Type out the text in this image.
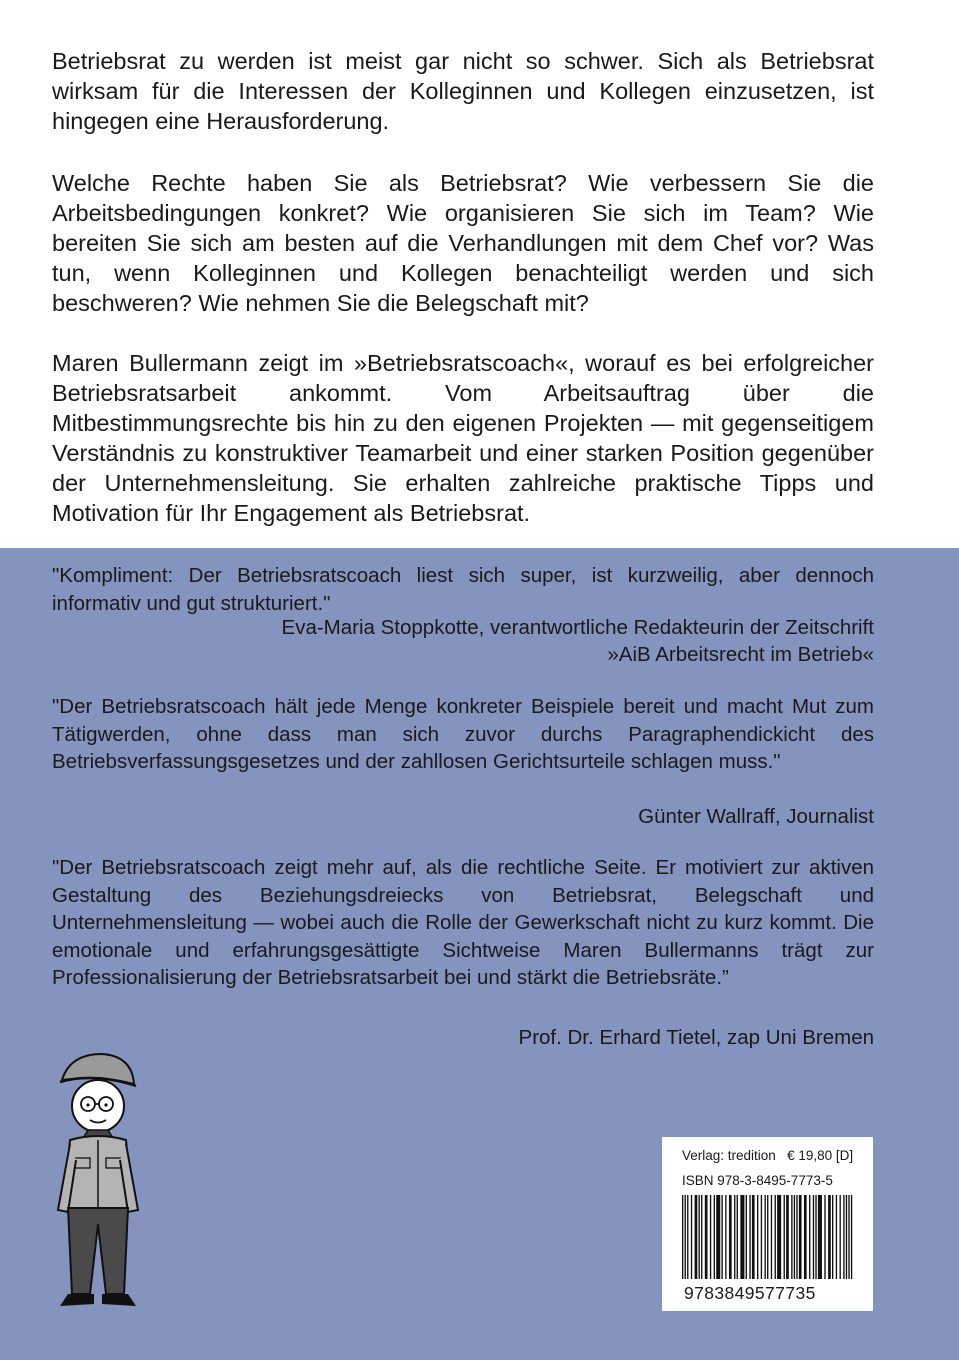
Betriebsrat zu werden ist meist gar nicht so schwer. Sich als Betriebsrat wirksam für die Interessen der Kolleginnen und Kollegen einzusetzen, ist hingegen eine Herausforderung.

Welche Rechte haben Sie als Betriebsrat? Wie verbessern Sie die Arbeitsbedingungen konkret? Wie organisieren Sie sich im Team? Wie bereiten Sie sich am besten auf die Verhandlungen mit dem Chef vor? Was tun, wenn Kolleginnen und Kollegen benachteiligt werden und sich beschweren? Wie nehmen Sie die Belegschaft mit?

Maren Bullermann zeigt im »Betriebsratscoach«, worauf es bei erfolgreicher Betriebsratsarbeit ankommt. Vom Arbeitsauftrag über die Mitbestimmungsrechte bis hin zu den eigenen Projekten — mit gegenseitigem Verständnis zu konstruktiver Teamarbeit und einer starken Position gegenüber der Unternehmensleitung. Sie erhalten zahlreiche praktische Tipps und Motivation für Ihr Engagement als Betriebsrat.

"Kompliment: Der Betriebsratscoach liest sich super, ist kurzweilig, aber dennoch informativ und gut strukturiert."

Eva-Maria Stoppkotte, verantwortliche Redakteurin der Zeitschrift

»AiB Arbeitsrecht im Betrieb«

"Der Betriebsratscoach hält jede Menge konkreter Beispiele bereit und macht Mut zum Tätigwerden, ohne dass man sich zuvor durchs Paragraphendickicht des Betriebsverfassungsgesetzes und der zahllosen Gerichtsurteile schlagen muss."

Günter Wallraff, Journalist

"Der Betriebsratscoach zeigt mehr auf, als die rechtliche Seite. Er motiviert zur aktiven Gestaltung des Beziehungsdreiecks von Betriebsrat, Belegschaft und Unternehmensleitung — wobei auch die Rolle der Gewerkschaft nicht zu kurz kommt. Die emotionale und erfahrungsgesättigte Sichtweise Maren Bullermanns trägt zur Professionalisierung der Betriebsratsarbeit bei und stärkt die Betriebsräte.”

Prof. Dr. Erhard Tietel, zap Uni Bremen

Verlag: tredition € 19,80 [D]

ISBN 978-3-8495-7773-5

9783849577735
